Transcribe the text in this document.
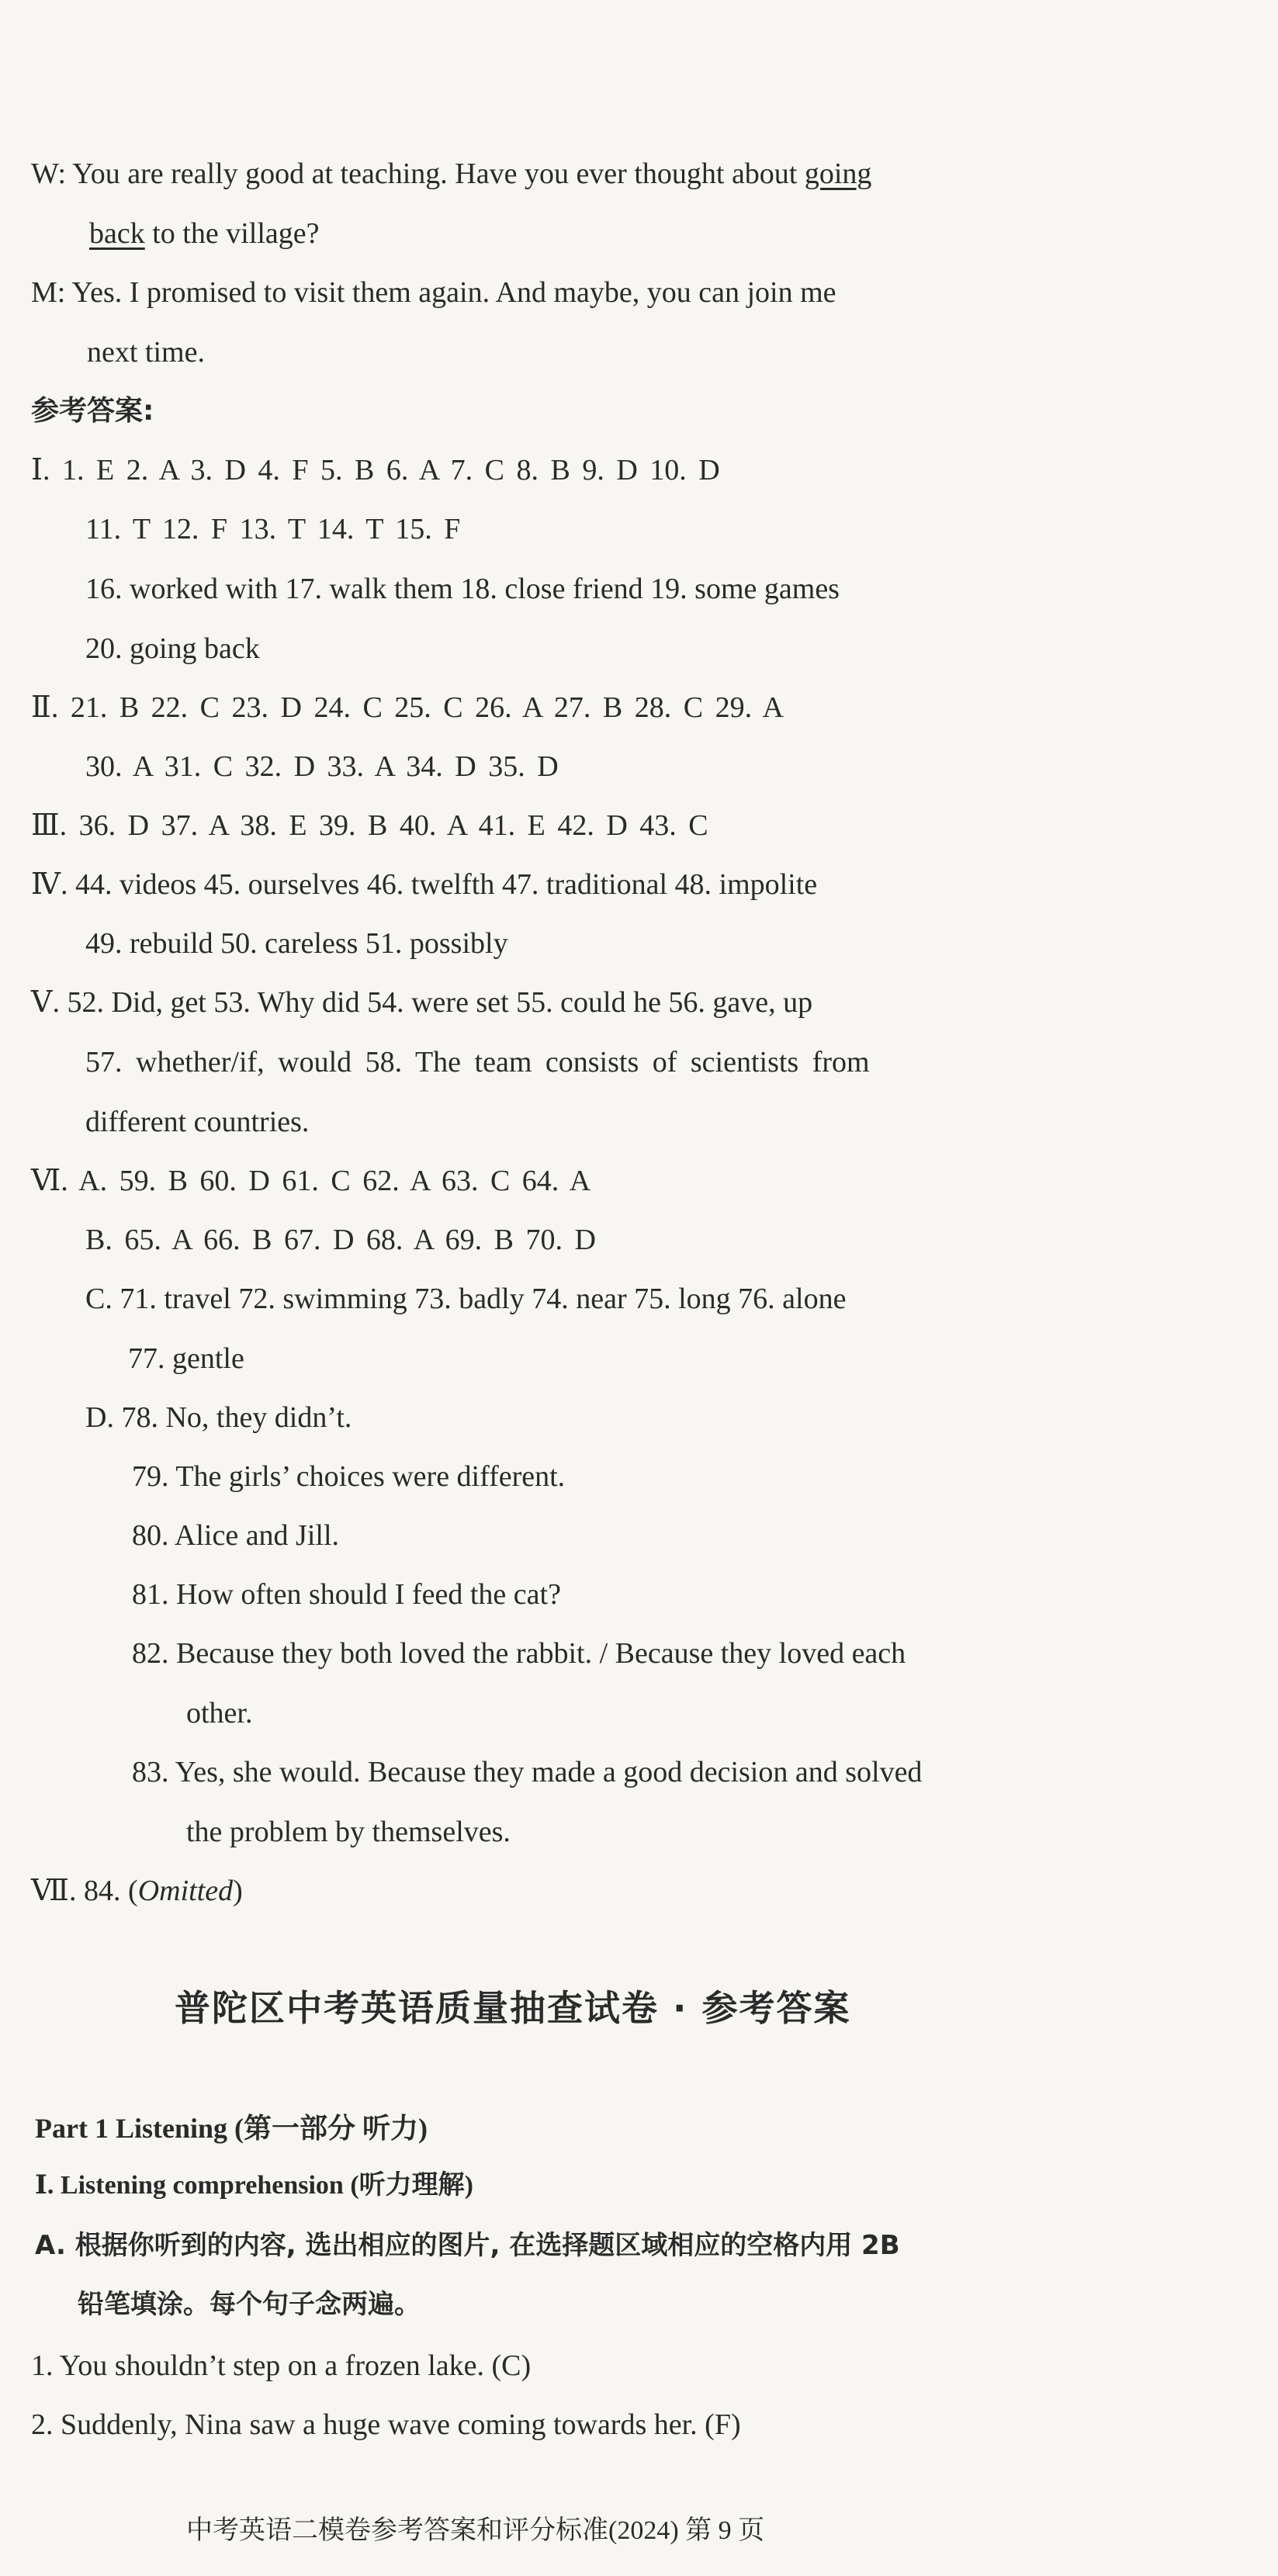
W: You are really good at teaching. Have you ever thought about going
back to the village?
M: Yes. I promised to visit them again. And maybe, you can join me
next time.
参考答案:
Ⅰ. 1. E 2. A 3. D 4. F 5. B 6. A 7. C 8. B 9. D 10. D
11. T 12. F 13. T 14. T 15. F
16. worked with 17. walk them 18. close friend 19. some games
20. going back
Ⅱ. 21. B 22. C 23. D 24. C 25. C 26. A 27. B 28. C 29. A
30. A 31. C 32. D 33. A 34. D 35. D
Ⅲ. 36. D 37. A 38. E 39. B 40. A 41. E 42. D 43. C
Ⅳ. 44. videos 45. ourselves 46. twelfth 47. traditional 48. impolite
49. rebuild 50. careless 51. possibly
Ⅴ. 52. Did, get 53. Why did 54. were set 55. could he 56. gave, up
57. whether/if, would 58. The team consists of scientists from
different countries.
Ⅵ. A. 59. B 60. D 61. C 62. A 63. C 64. A
B. 65. A 66. B 67. D 68. A 69. B 70. D
C. 71. travel 72. swimming 73. badly 74. near 75. long 76. alone
77. gentle
D. 78. No, they didn’t.
79. The girls’ choices were different.
80. Alice and Jill.
81. How often should I feed the cat?
82. Because they both loved the rabbit. / Because they loved each
other.
83. Yes, she would. Because they made a good decision and solved
the problem by themselves.
Ⅶ. 84. (Omitted)
普陀区中考英语质量抽查试卷 · 参考答案
Part 1 Listening (第一部分 听力)
Ⅰ. Listening comprehension (听力理解)
A. 根据你听到的内容, 选出相应的图片, 在选择题区域相应的空格内用 2B
铅笔填涂。每个句子念两遍。
1. You shouldn’t step on a frozen lake. (C)
2. Suddenly, Nina saw a huge wave coming towards her. (F)
中考英语二模卷参考答案和评分标准(2024) 第 9 页
